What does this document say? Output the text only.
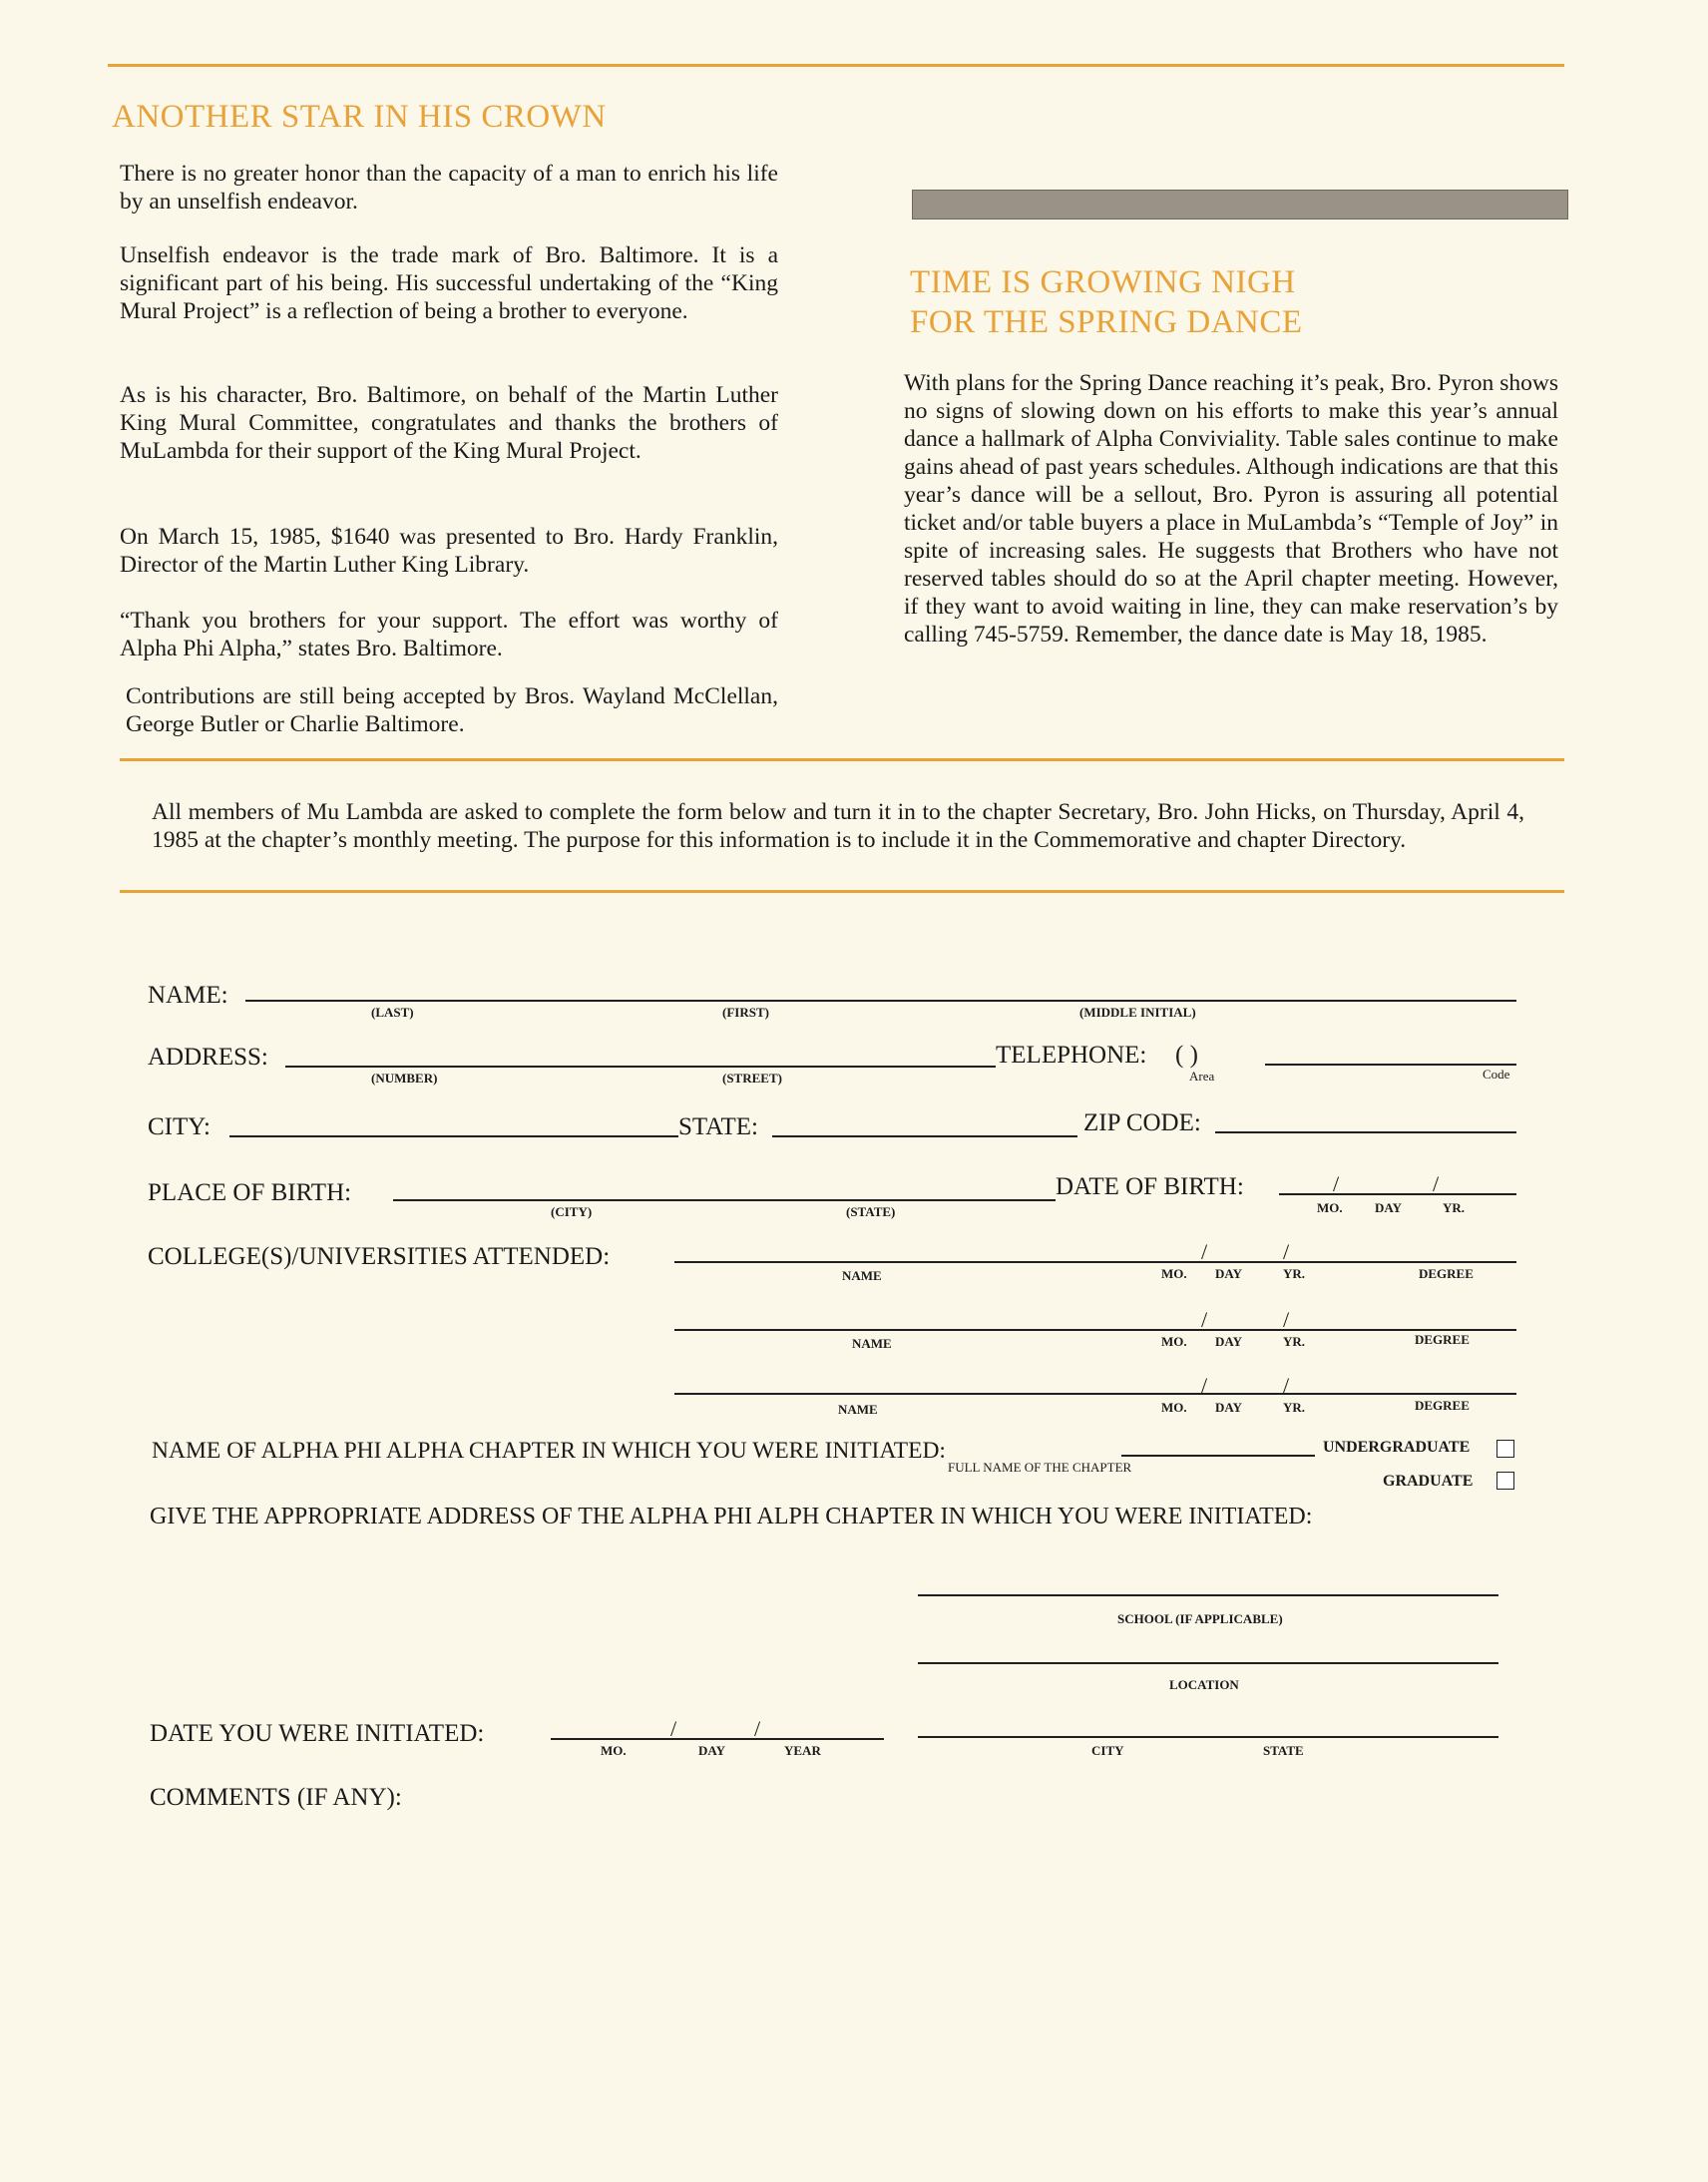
ANOTHER STAR IN HIS CROWN

There is no greater honor than the capacity of a man to enrich his life by an unselfish endeavor.

Unselfish endeavor is the trade mark of Bro. Baltimore. It is a significant part of his being. His successful undertaking of the “King Mural Project” is a reflection of being a brother to everyone.

As is his character, Bro. Baltimore, on behalf of the Martin Luther King Mural Committee, congratulates and thanks the brothers of MuLambda for their support of the King Mural Project.

On March 15, 1985, $1640 was presented to Bro. Hardy Franklin, Director of the Martin Luther King Library.

“Thank you brothers for your support. The effort was worthy of Alpha Phi Alpha,” states Bro. Baltimore.

Contributions are still being accepted by Bros. Wayland McClellan, George Butler or Charlie Baltimore.

TIME IS GROWING NIGH
FOR THE SPRING DANCE

With plans for the Spring Dance reaching it’s peak, Bro. Pyron shows no signs of slowing down on his efforts to make this year’s annual dance a hallmark of Alpha Conviviality. Table sales continue to make gains ahead of past years schedules. Although indications are that this year’s dance will be a sellout, Bro. Pyron is assuring all potential ticket and/or table buyers a place in MuLambda’s “Temple of Joy” in spite of increasing sales. He suggests that Brothers who have not reserved tables should do so at the April chapter meeting. However, if they want to avoid waiting in line, they can make reservation’s by calling 745-5759. Remember, the dance date is May 18, 1985.

All members of Mu Lambda are asked to complete the form below and turn it in to the chapter Secretary, Bro. John Hicks, on Thursday, April 4, 1985 at the chapter’s monthly meeting. The purpose for this information is to include it in the Commemorative and chapter Directory.

NAME:
(LAST)	(FIRST)	(MIDDLE INITIAL)
ADDRESS:
(NUMBER)	(STREET)
TELEPHONE: ( )
Area	Code
CITY:	STATE:	ZIP CODE:
PLACE OF BIRTH:
(CITY)	(STATE)
DATE OF BIRTH:	/	/
MO. DAY	YR.
COLLEGE(S)/UNIVERSITIES ATTENDED:	/	/
NAME	MO. DAY	YR.	DEGREE
/	/
NAME	MO. DAY	YR.	DEGREE
/	/
NAME	MO. DAY	YR.	DEGREE
NAME OF ALPHA PHI ALPHA CHAPTER IN WHICH YOU WERE INITIATED:
FULL NAME OF THE CHAPTER
UNDERGRADUATE
GRADUATE
GIVE THE APPROPRIATE ADDRESS OF THE ALPHA PHI ALPH CHAPTER IN WHICH YOU WERE INITIATED:
SCHOOL (IF APPLICABLE)
LOCATION
DATE YOU WERE INITIATED:	/	/
MO.	DAY	YEAR	CITY	STATE
COMMENTS (IF ANY):
